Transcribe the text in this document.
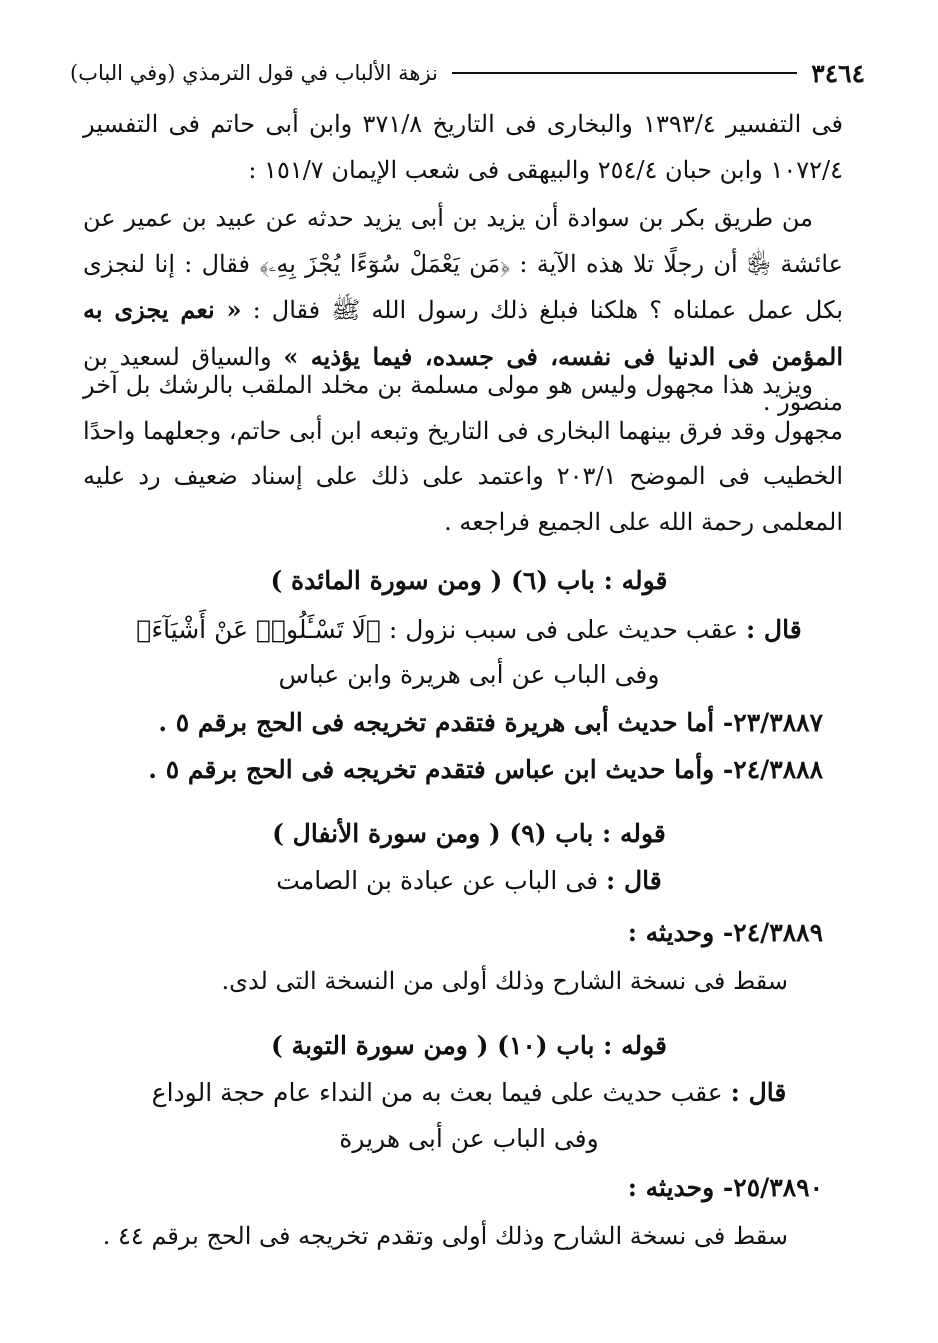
٣٤٦٤
نزهة الألباب في قول الترمذي (وفي الباب)

فى التفسير ١٣٩٣/٤ والبخارى فى التاريخ ٣٧١/٨ وابن أبى حاتم فى التفسير ١٠٧٢/٤ وابن حبان ٢٥٤/٤ والبيهقى فى شعب الإيمان ١٥١/٧ :

من طريق بكر بن سوادة أن يزيد بن أبى يزيد حدثه عن عبيد بن عمير عن عائشة ﵂ أن رجلًا تلا هذه الآية : ﴿مَن يَعْمَلْ سُوٓءًا يُجْزَ بِهِۦ﴾ فقال : إنا لنجزى بكل عمل عملناه ؟ هلكنا فبلغ ذلك رسول الله ﷺ فقال : « نعم يجزى به المؤمن فى الدنيا فى نفسه، فى جسده، فيما يؤذيه » والسياق لسعيد بن منصور .

ويزيد هذا مجهول وليس هو مولى مسلمة بن مخلد الملقب بالرشك بل آخر مجهول وقد فرق بينهما البخارى فى التاريخ وتبعه ابن أبى حاتم، وجعلهما واحدًا الخطيب فى الموضح ٢٠٣/١ واعتمد على ذلك على إسناد ضعيف رد عليه المعلمى رحمة الله على الجميع فراجعه .

قوله : باب (٦) ( ومن سورة المائدة )
قال : عقب حديث على فى سبب نزول : ﴿لَا تَسْـَٔلُوا۟ عَنْ أَشْيَآءَ﴾
وفى الباب عن أبى هريرة وابن عباس
٢٣/٣٨٨٧- أما حديث أبى هريرة فتقدم تخريجه فى الحج برقم ٥ .
٢٤/٣٨٨٨- وأما حديث ابن عباس فتقدم تخريجه فى الحج برقم ٥ .
قوله : باب (٩) ( ومن سورة الأنفال )
قال : فى الباب عن عبادة بن الصامت
٢٤/٣٨٨٩- وحديثه :
سقط فى نسخة الشارح وذلك أولى من النسخة التى لدى.
قوله : باب (١٠) ( ومن سورة التوبة )
قال : عقب حديث على فيما بعث به من النداء عام حجة الوداع
وفى الباب عن أبى هريرة
٢٥/٣٨٩٠- وحديثه :
سقط فى نسخة الشارح وذلك أولى وتقدم تخريجه فى الحج برقم ٤٤ .
